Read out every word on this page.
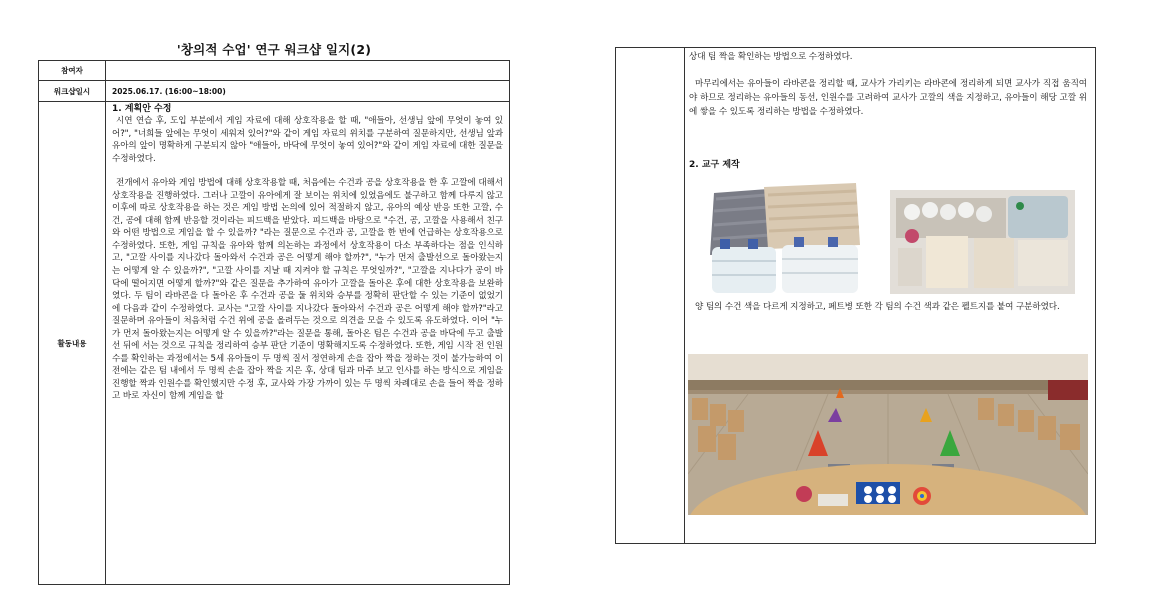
'창의적 수업' 연구 워크샵 일지(2)
참여자	
워크샵일시	2025.06.17. (16:00~18:00)
활동내용	1. 계획안 수정

시연 연습 후, 도입 부분에서 게임 자료에 대해 상호작용을 할 때, "애들아, 선생님 앞에 무엇이 놓여 있어?", "너희들 앞에는 무엇이 세워져 있어?"와 같이 게임 자료의 위치를 구분하여 질문하지만, 선생님 앞과 유아의 앞이 명확하게 구분되지 않아 "애들아, 바닥에 무엇이 놓여 있어?"와 같이 게임 자료에 대한 질문을 수정하였다.

전개에서 유아와 게임 방법에 대해 상호작용할 때, 처음에는 수건과 공을 상호작용을 한 후 고깔에 대해서 상호작용을 진행하였다. 그러나 고깔이 유아에게 잘 보이는 위치에 있었음에도 불구하고 함께 다루지 않고 이후에 따로 상호작용을 하는 것은 게임 방법 논의에 있어 적절하지 않고, 유아의 예상 반응 또한 고깔, 수건, 공에 대해 함께 반응할 것이라는 피드백을 받았다. 피드백을 바탕으로 "수건, 공, 고깔을 사용해서 친구와 어떤 방법으로 게임을 할 수 있을까? "라는 질문으로 수건과 공, 고깔을 한 번에 언급하는 상호작용으로 수정하였다. 또한, 게임 규칙을 유아와 함께 의논하는 과정에서 상호작용이 다소 부족하다는 점을 인식하고, "고깔 사이를 지나갔다 돌아와서 수건과 공은 어떻게 해야 할까?", "누가 먼저 출발선으로 돌아왔는지는 어떻게 알 수 있을까?", "고깔 사이를 지날 때 지켜야 할 규칙은 무엇일까?", "고깔을 지나다가 공이 바닥에 떨어지면 어떻게 할까?"와 같은 질문을 추가하여 유아가 고깔을 돌아온 후에 대한 상호작용을 보완하였다. 두 팀이 라바콘을 다 돌아온 후 수건과 공을 둘 위치와 승부를 정확히 판단할 수 있는 기준이 없었기에 다음과 같이 수정하였다. 교사는 "고깔 사이를 지나갔다 돌아와서 수건과 공은 어떻게 해야 할까?"라고 질문하며 유아들이 처음처럼 수건 위에 공을 올려두는 것으로 의견을 모을 수 있도록 유도하였다. 이어 "누가 먼저 돌아왔는지는 어떻게 알 수 있을까?"라는 질문을 통해, 돌아온 팀은 수건과 공을 바닥에 두고 출발선 뒤에 서는 것으로 규칙을 정리하여 승부 판단 기준이 명확해지도록 수정하였다. 또한, 게임 시작 전 인원수를 확인하는 과정에서는 5세 유아들이 두 명씩 질서 정연하게 손을 잡아 짝을 정하는 것이 불가능하여 이전에는 같은 팀 내에서 두 명씩 손을 잡아 짝을 지은 후, 상대 팀과 마주 보고 인사를 하는 방식으로 게임을 진행할 짝과 인원수를 확인했지만 수정 후, 교사와 가장 가까이 있는 두 명씩 차례대로 손을 들어 짝을 정하고 바로 자신이 함께 게임을 할

상대 팀 짝을 확인하는 방법으로 수정하였다.

마무리에서는 유아들이 라바콘을 정리할 때, 교사가 가리키는 라바콘에 정리하게 되면 교사가 직접 움직여야 하므로 정리하는 유아들의 동선, 인원수를 고려하여 교사가 고깔의 색을 지정하고, 유아들이 해당 고깔 위에 쌓을 수 있도록 정리하는 방법을 수정하였다.

2. 교구 제작

양 팀의 수건 색을 다르게 지정하고, 페트병 또한 각 팀의 수건 색과 같은 펠트지를 붙여 구분하였다.
